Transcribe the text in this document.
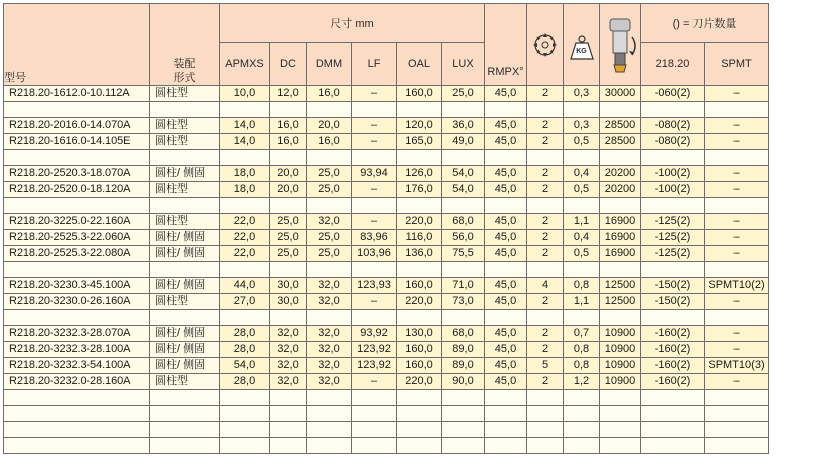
型号	装配
形式	尺寸 mm						RMPX°		KG		() = 刀片数量	
		APMXS	DC	DMM	LF	OAL	LUX					218.20	SPMT
R218.20-1612.0-10.112A	圆柱型	10,0	12,0	16,0	–	160,0	25,0	45,0	2	0,3	30000	-060(2)	–

R218.20-2016.0-14.070A	圆柱型	14,0	16,0	20,0	–	120,0	36,0	45,0	2	0,3	28500	-080(2)	–
R218.20-1616.0-14.105E	圆柱型	14,0	16,0	16,0	–	165,0	49,0	45,0	2	0,5	28500	-080(2)	–

R218.20-2520.3-18.070A	圆柱/ 侧固	18,0	20,0	25,0	93,94	126,0	54,0	45,0	2	0,4	20200	-100(2)	–
R218.20-2520.0-18.120A	圆柱型	18,0	20,0	25,0	–	176,0	54,0	45,0	2	0,5	20200	-100(2)	–

R218.20-3225.0-22.160A	圆柱型	22,0	25,0	32,0	–	220,0	68,0	45,0	2	1,1	16900	-125(2)	–
R218.20-2525.3-22.060A	圆柱/ 侧固	22,0	25,0	25,0	83,96	116,0	56,0	45,0	2	0,4	16900	-125(2)	–
R218.20-2525.3-22.080A	圆柱/ 侧固	22,0	25,0	25,0	103,96	136,0	75,5	45,0	2	0,5	16900	-125(2)	–

R218.20-3230.3-45.100A	圆柱/ 侧固	44,0	30,0	32,0	123,93	160,0	71,0	45,0	4	0,8	12500	-150(2)	SPMT10(2)
R218.20-3230.0-26.160A	圆柱型	27,0	30,0	32,0	–	220,0	73,0	45,0	2	1,1	12500	-150(2)	–

R218.20-3232.3-28.070A	圆柱/ 侧固	28,0	32,0	32,0	93,92	130,0	68,0	45,0	2	0,7	10900	-160(2)	–
R218.20-3232.3-28.100A	圆柱/ 侧固	28,0	32,0	32,0	123,92	160,0	89,0	45,0	2	0,8	10900	-160(2)	–
R218.20-3232.3-54.100A	圆柱/ 侧固	54,0	32,0	32,0	123,92	160,0	89,0	45,0	5	0,8	10900	-160(2)	SPMT10(3)
R218.20-3232.0-28.160A	圆柱型	28,0	32,0	32,0	–	220,0	90,0	45,0	2	1,2	10900	-160(2)	–
